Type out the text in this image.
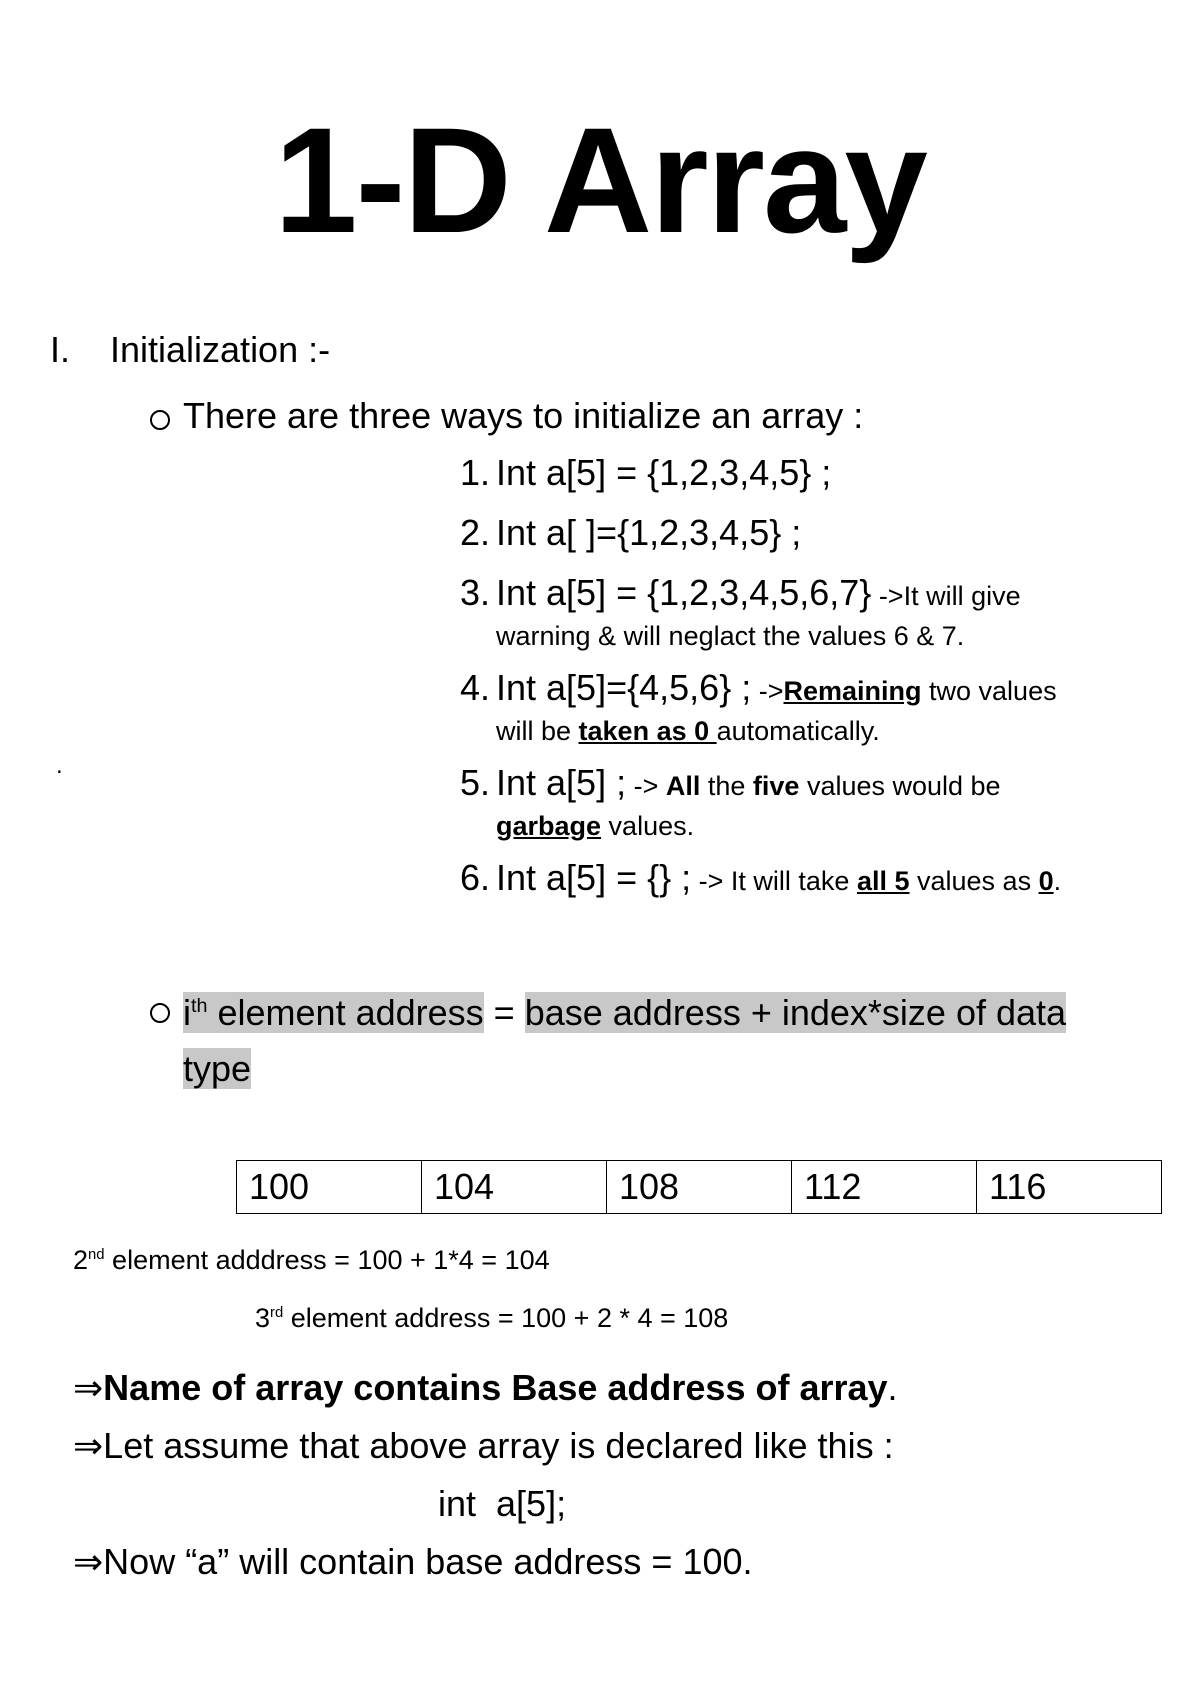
1-D Array
I. Initialization :-
There are three ways to initialize an array :
1. Int a[5] = {1,2,3,4,5} ;
2. Int a[ ]={1,2,3,4,5} ;
3. Int a[5] = {1,2,3,4,5,6,7} ->It will give
warning & will neglact the values 6 & 7.
4. Int a[5]={4,5,6} ; ->Remaining two values
will be taken as 0 automatically.
5. Int a[5] ; -> All the five values would be
garbage values.
6. Int a[5] = {} ; -> It will take all 5 values as 0.
.
$i^{th}$ element address = base address + index*size of data
type
100	104	108	112	116
2nd element adddress = 100 + 1*4 = 104
3rd element address = 100 + 2 * 4 = 108
⇒Name of array contains Base address of array.
⇒Let assume that above array is declared like this :
int  a[5];
⇒Now “a” will contain base address = 100.
